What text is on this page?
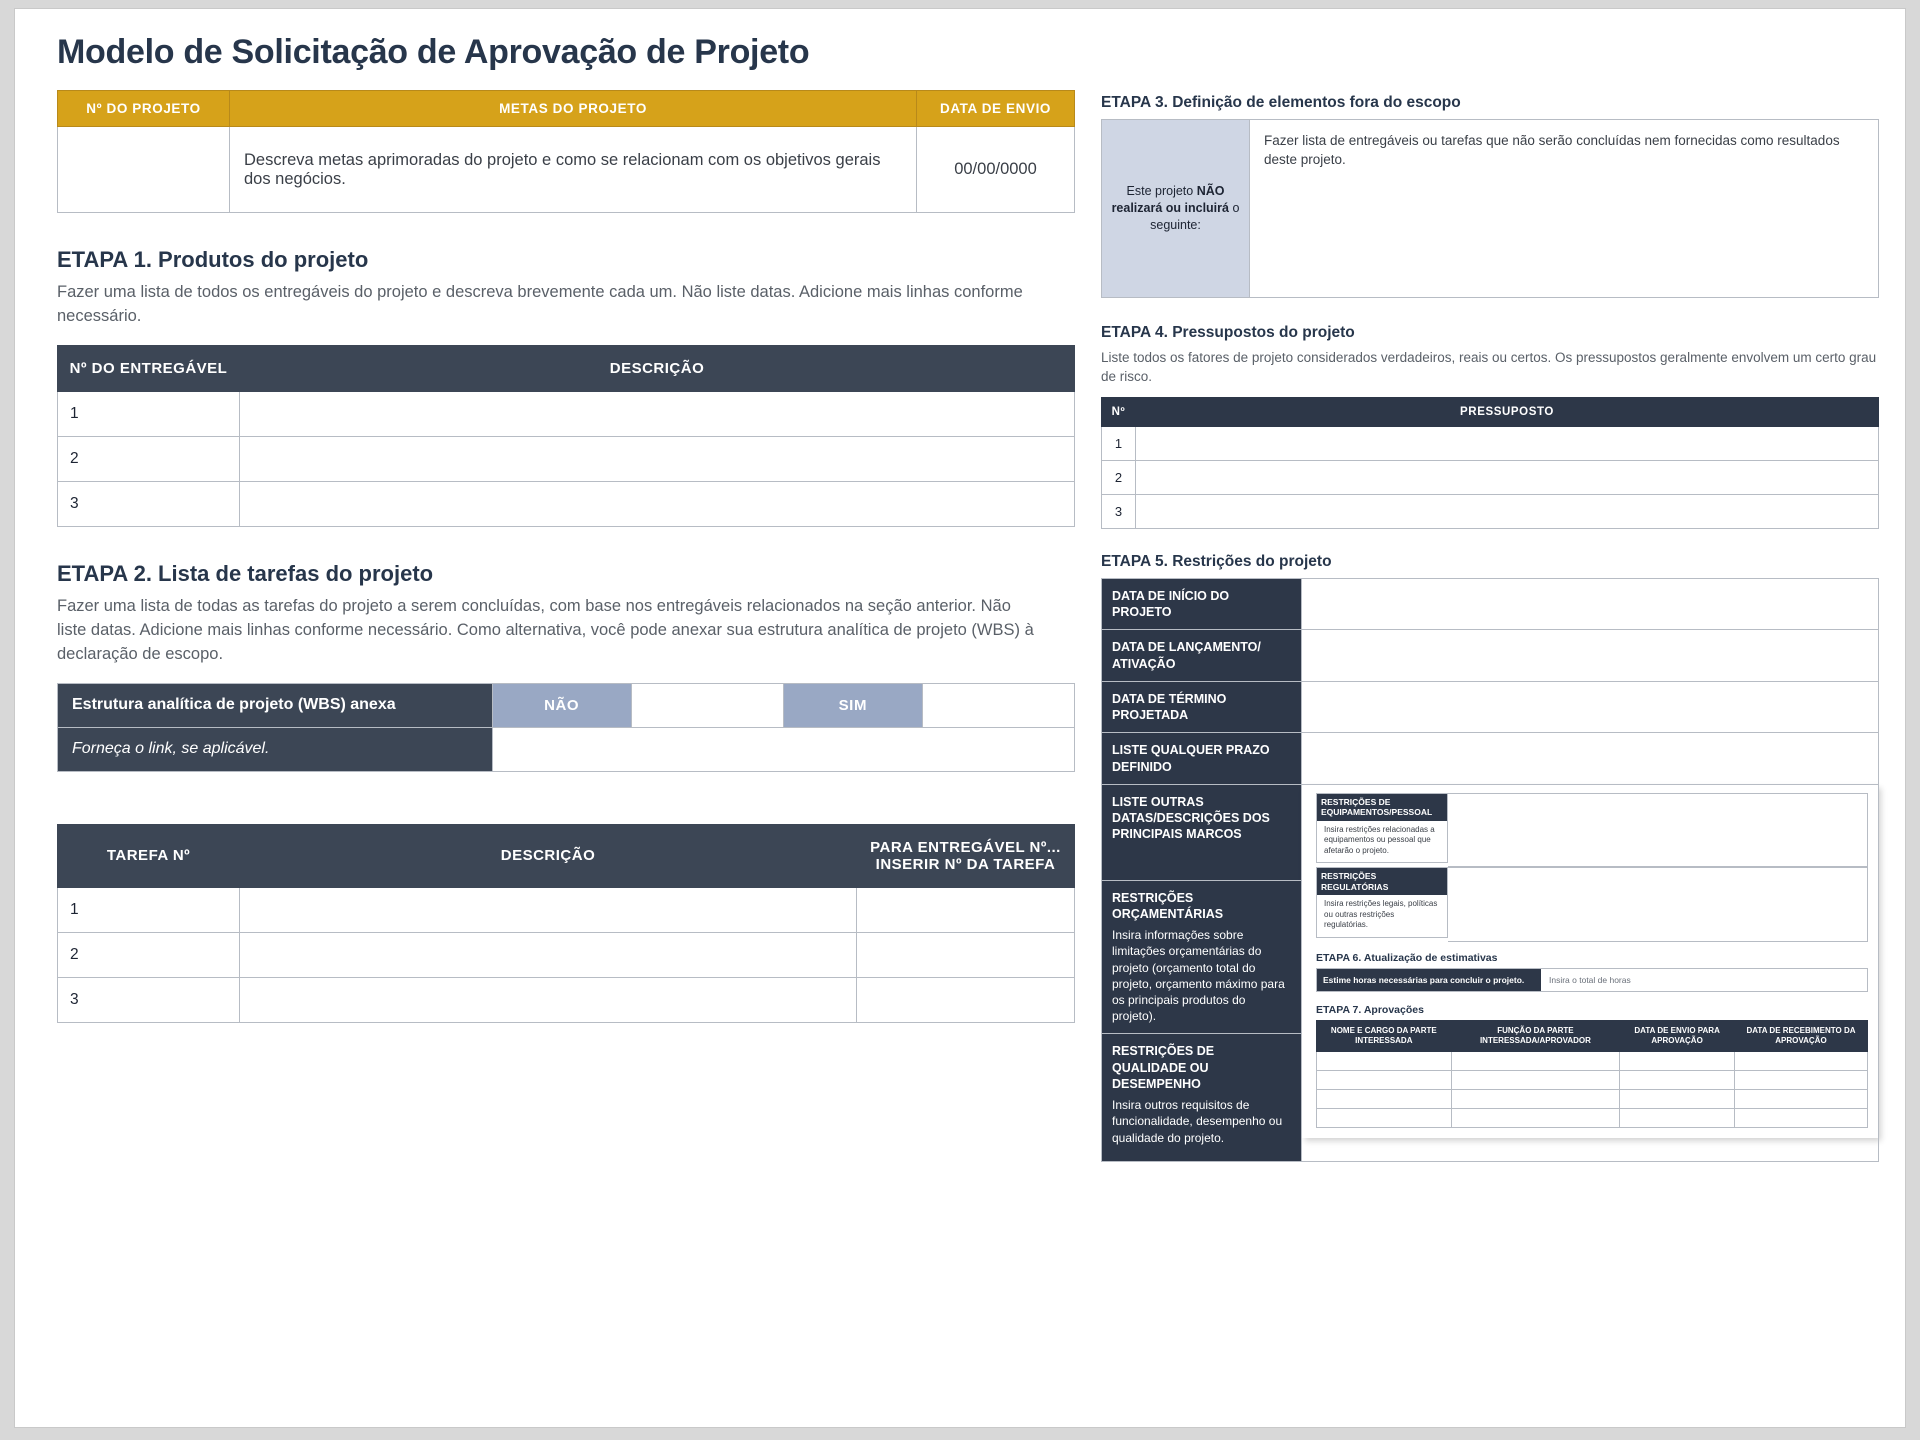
Modelo de Solicitação de Aprovação de Projeto
Nº DO PROJETO	METAS DO PROJETO	DATA DE ENVIO
	Descreva metas aprimoradas do projeto e como se relacionam com os objetivos gerais dos negócios.	00/00/0000
ETAPA 1. Produtos do projeto

Fazer uma lista de todos os entregáveis do projeto e descreva brevemente cada um. Não liste datas. Adicione mais linhas conforme necessário.

Nº DO ENTREGÁVEL	DESCRIÇÃO
1	
2	
3	
ETAPA 2. Lista de tarefas do projeto

Fazer uma lista de todas as tarefas do projeto a serem concluídas, com base nos entregáveis relacionados na seção anterior. Não liste datas. Adicione mais linhas conforme necessário. Como alternativa, você pode anexar sua estrutura analítica de projeto (WBS) à declaração de escopo.

Estrutura analítica de projeto (WBS) anexa	NÃO		SIM	
Forneça o link, se aplicável.				
TAREFA Nº	DESCRIÇÃO	PARA ENTREGÁVEL Nº...
INSERIR Nº DA TAREFA

1		
2		
3		
ETAPA 3. Definição de elementos fora do escopo
Este projeto NÃO realizará ou incluirá o seguinte:	Fazer lista de entregáveis ou tarefas que não serão concluídas nem fornecidas como resultados deste projeto.
ETAPA 4. Pressupostos do projeto

Liste todos os fatores de projeto considerados verdadeiros, reais ou certos. Os pressupostos geralmente envolvem um certo grau de risco.

Nº	PRESSUPOSTO
1	
2	
3	
ETAPA 5. Restrições do projeto
DATA DE INÍCIO DO PROJETO	
DATA DE LANÇAMENTO/ ATIVAÇÃO	
DATA DE TÉRMINO PROJETADA	
LISTE QUALQUER PRAZO DEFINIDO	
LISTE OUTRAS DATAS/DESCRIÇÕES DOS PRINCIPAIS MARCOS	
RESTRIÇÕES DE EQUIPAMENTOS/PESSOAL
Insira restrições relacionadas a equipamentos ou pessoal que afetarão o projeto.
RESTRIÇÕES REGULATÓRIAS
Insira restrições legais, políticas ou outras restrições regulatórias.
ETAPA 6. Atualização de estimativas
Estime horas necessárias para concluir o projeto.	Insira o total de horas
ETAPA 7. Aprovações
NOME E CARGO DA PARTE INTERESSADA	FUNÇÃO DA PARTE INTERESSADA/APROVADOR	DATA DE ENVIO PARA APROVAÇÃO	DATA DE RECEBIMENTO DA APROVAÇÃO

RESTRIÇÕES ORÇAMENTÁRIAS
Insira informações sobre limitações orçamentárias do projeto (orçamento total do projeto, orçamento máximo para os principais produtos do projeto).

RESTRIÇÕES DE QUALIDADE OU DESEMPENHO
Insira outros requisitos de funcionalidade, desempenho ou qualidade do projeto.
